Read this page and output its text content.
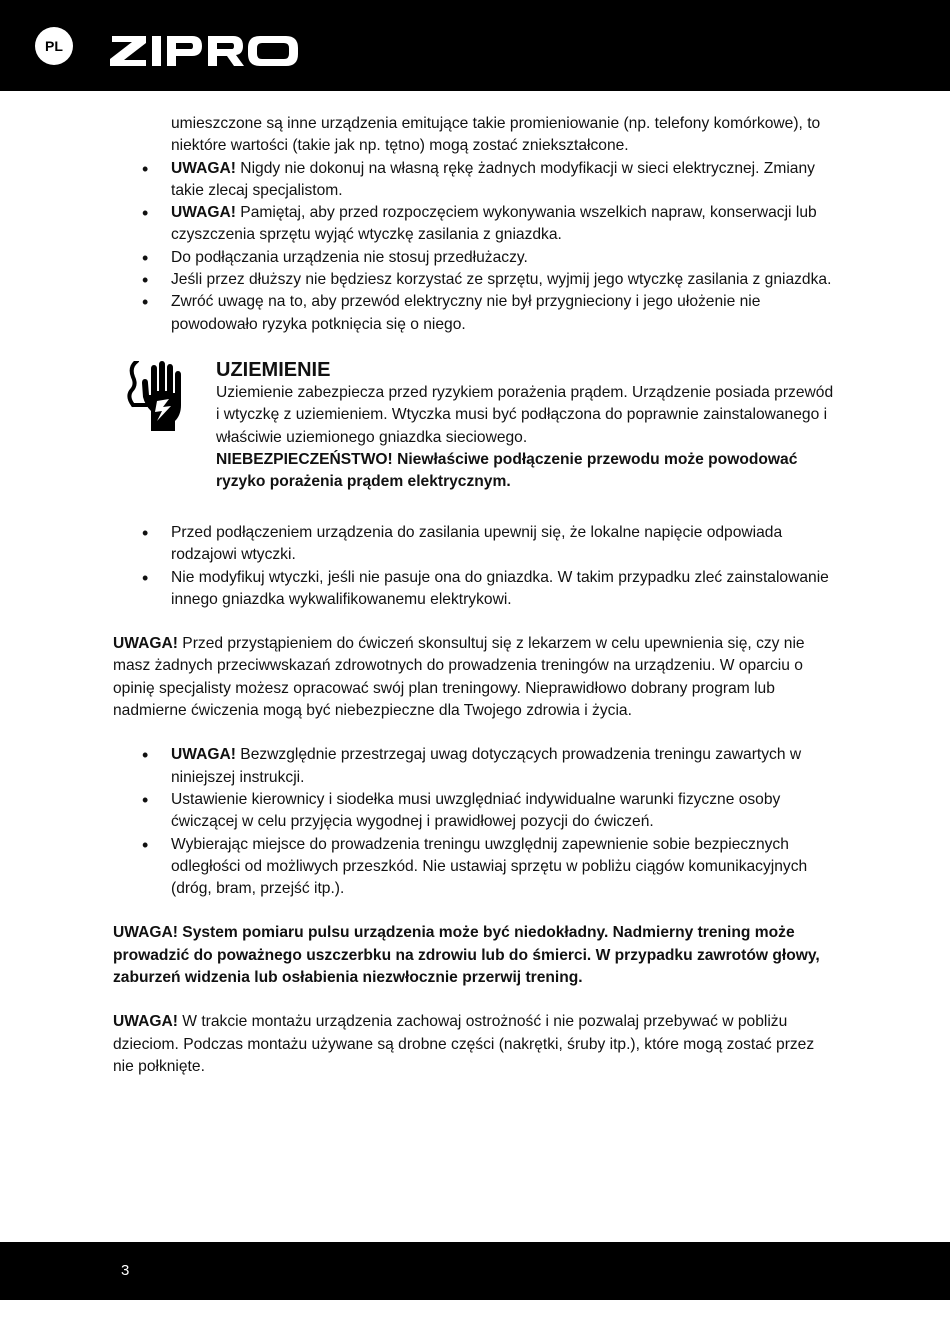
PL

umieszczone są inne urządzenia emitujące takie promieniowanie (np. telefony komórkowe), to niektóre wartości (takie jak np. tętno) mogą zostać zniekształcone.

• UWAGA! Nigdy nie dokonuj na własną rękę żadnych modyfikacji w sieci elektrycznej. Zmiany takie zlecaj specjalistom.
• UWAGA! Pamiętaj, aby przed rozpoczęciem wykonywania wszelkich napraw, konserwacji lub czyszczenia sprzętu wyjąć wtyczkę zasilania z gniazdka.
• Do podłączania urządzenia nie stosuj przedłużaczy.
• Jeśli przez dłuższy nie będziesz korzystać ze sprzętu, wyjmij jego wtyczkę zasilania z gniazdka.
• Zwróć uwagę na to, aby przewód elektryczny nie był przygnieciony i jego ułożenie nie powodowało ryzyka potknięcia się o niego.
UZIEMIENIE

Uziemienie zabezpiecza przed ryzykiem porażenia prądem. Urządzenie posiada przewód i wtyczkę z uziemieniem. Wtyczka musi być podłączona do poprawnie zainstalowanego i właściwie uziemionego gniazdka sieciowego.

NIEBEZPIECZEŃSTWO! Niewłaściwe podłączenie przewodu może powodować ryzyko porażenia prądem elektrycznym.

• Przed podłączeniem urządzenia do zasilania upewnij się, że lokalne napięcie odpowiada rodzajowi wtyczki.
• Nie modyfikuj wtyczki, jeśli nie pasuje ona do gniazdka. W takim przypadku zleć zainstalowanie innego gniazdka wykwalifikowanemu elektrykowi.

UWAGA! Przed przystąpieniem do ćwiczeń skonsultuj się z lekarzem w celu upewnienia się, czy nie masz żadnych przeciwwskazań zdrowotnych do prowadzenia treningów na urządzeniu. W oparciu o opinię specjalisty możesz opracować swój plan treningowy. Nieprawidłowo dobrany program lub nadmierne ćwiczenia mogą być niebezpieczne dla Twojego zdrowia i życia.

• UWAGA! Bezwzględnie przestrzegaj uwag dotyczących prowadzenia treningu zawartych w niniejszej instrukcji.
• Ustawienie kierownicy i siodełka musi uwzględniać indywidualne warunki fizyczne osoby ćwiczącej w celu przyjęcia wygodnej i prawidłowej pozycji do ćwiczeń.
• Wybierając miejsce do prowadzenia treningu uwzględnij zapewnienie sobie bezpiecznych odległości od możliwych przeszkód. Nie ustawiaj sprzętu w pobliżu ciągów komunikacyjnych (dróg, bram, przejść itp.).

UWAGA! System pomiaru pulsu urządzenia może być niedokładny. Nadmierny trening może prowadzić do poważnego uszczerbku na zdrowiu lub do śmierci. W przypadku zawrotów głowy, zaburzeń widzenia lub osłabienia niezwłocznie przerwij trening.

UWAGA! W trakcie montażu urządzenia zachowaj ostrożność i nie pozwalaj przebywać w pobliżu dzieciom. Podczas montażu używane są drobne części (nakrętki, śruby itp.), które mogą zostać przez nie połknięte.

3
